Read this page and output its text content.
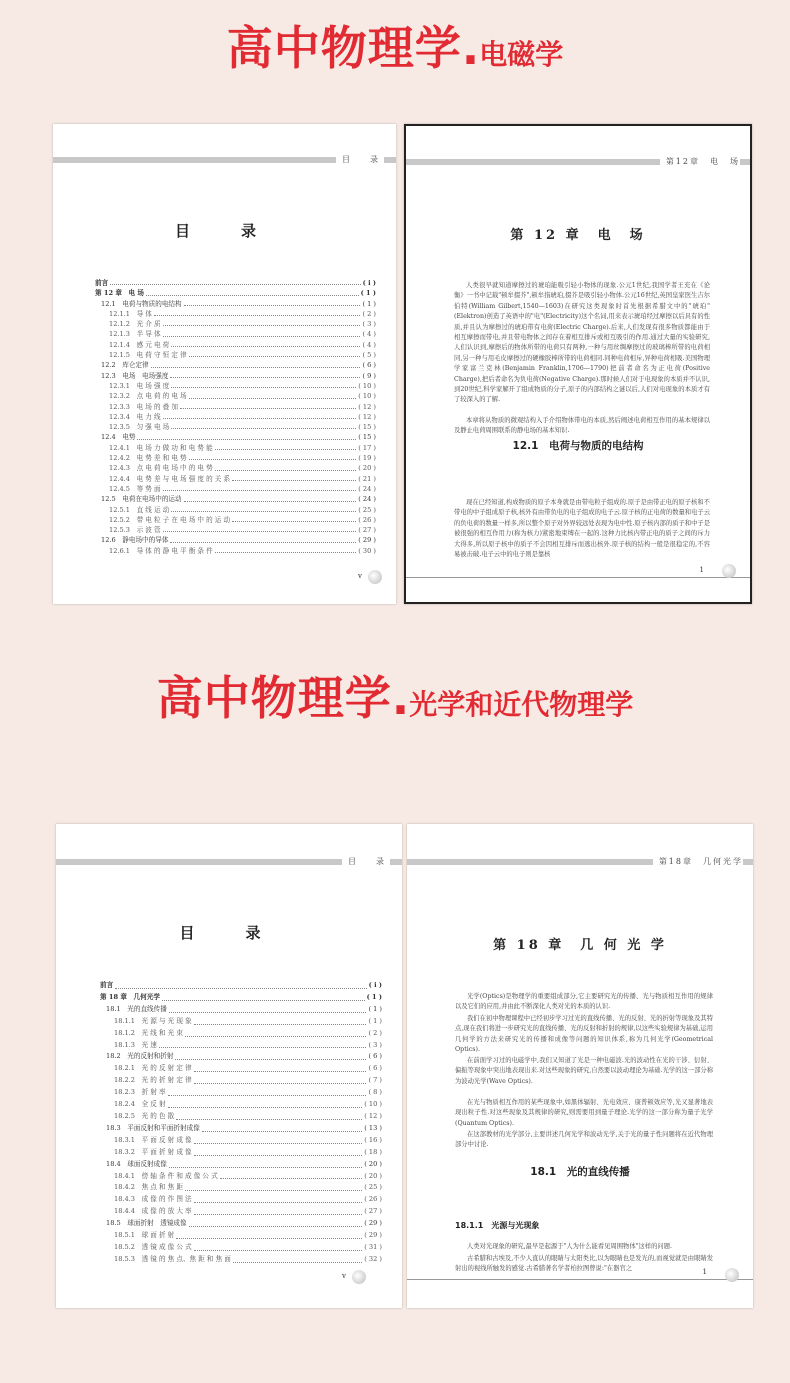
高中物理学.电磁学
目　录
目　录
前言	( i )
第 12 章　电 场	( 1 )
12.1　电荷与物质的电结构	( 1 )
12.1.1　导 体	( 2 )
12.1.2　光 介 质	( 3 )
12.1.3　半 导 体	( 4 )
12.1.4　感 元 电 荷	( 4 )
12.1.5　电 荷 守 恒 定 律	( 5 )
12.2　库仑定律	( 6 )
12.3　电场　电场强度	( 9 )
12.3.1　电 场 强 度	( 10 )
12.3.2　点 电 荷 的 电 场	( 10 )
12.3.3　电 场 的 叠 加	( 12 )
12.3.4　电 力 线	( 12 )
12.3.5　匀 强 电 场	( 15 )
12.4　电势	( 15 )
12.4.1　电 场 力 做 功 和 电 势 能	( 17 )
12.4.2　电 势 差 和 电 势	( 19 )
12.4.3　点 电 荷 电 场 中 的 电 势	( 20 )
12.4.4　电 势 差 与 电 场 强 度 的 关 系	( 21 )
12.4.5　等 势 面	( 24 )
12.5　电荷在电场中的运动	( 24 )
12.5.1　直 线 运 动	( 25 )
12.5.2　带 电 粒 子 在 电 场 中 的 运 动	( 26 )
12.5.3　示 波 管	( 27 )
12.6　静电场中的导体	( 29 )
12.6.1　导 体 的 静 电 平 衡 条 件	( 30 )
v
第12章　电　场
第 12 章　电　场
人类很早就知道摩擦过的琥珀能吸引轻小物体的现象.公元1世纪,我国学者王充在《论衡》一书中记载"顿牟掇芥",顿牟指琥珀,掇芥是吸引轻小物体.公元16世纪,英国皇家医生吉尔伯特(William Gilbert,1540—1603)在研究这类现象时首先根据希腊文中的"琥珀"(Elektron)创造了英语中的"电"(Electricity)这个名词,用来表示琥珀经过摩擦以后具有的性质,并且认为摩擦过的琥珀带有电荷(Electric Charge).后来,人们发现有很多物质都能由于相互摩擦而带电,并且带电物体之间存在着相互排斥或相互吸引的作用.通过大量的实验研究,人们认识到,摩擦后的物体所带的电荷只有两种,一种与用丝绸摩擦过的玻璃棒所带的电荷相同,另一种与用毛皮摩擦过的硬橡胶棒所带的电荷相同.同种电荷相斥,异种电荷相吸.美国物理学家富兰克林(Benjamin Franklin,1706—1790)把前者命名为正电荷(Positive Charge),把后者命名为负电荷(Negative Charge).那时候人们对于电现象的本质并不认识,到20世纪,科学家解开了组成物质的分子,原子的内部结构之谜以后,人们对电现象的本质才有了较深入的了解.
本章将从物质的微观结构入手介绍物体带电的本质,然后阐述电荷相互作用的基本规律以及静止电荷周围联系的静电场的基本知识.
12.1　电荷与物质的电结构
现在已经知道,构成物质的原子本身就是由带电粒子组成的.原子是由带正电的原子核和不带电的中子组成原子核,核外有由带负电的电子组成的电子云.原子核的正电荷的数量和电子云的负电荷的数量一样多,所以整个原子对外界较远处表现为电中性.原子核内部的质子和中子是被很强的相互作用力(称为核力)紧密地束缚在一起的.这种力比核内带正电的质子之间的斥力大得多,所以原子核中的质子不会因相互排斥而逃出核外.原子核的结构一般是很稳定的,不容易被击破.电子云中的电子则是靠核
1
高中物理学.光学和近代物理学
目　录
目　录
前言	( i )
第 18 章　几何光学	( 1 )
18.1　光的直线传播	( 1 )
18.1.1　光 源 与 光 现 象	( 1 )
18.1.2　光 线 和 光 束	( 2 )
18.1.3　光 速	( 3 )
18.2　光的反射和折射	( 6 )
18.2.1　光 的 反 射 定 律	( 6 )
18.2.2　光 的 折 射 定 律	( 7 )
18.2.3　折 射 率	( 8 )
18.2.4　全 反 射	( 10 )
18.2.5　光 的 色 散	( 12 )
18.3　平面反射和平面折射成像	( 13 )
18.3.1　平 面 反 射 成 像	( 16 )
18.3.2　平 面 折 射 成 像	( 18 )
18.4　球面反射成像	( 20 )
18.4.1　傍 轴 条 件 和 成 像 公 式	( 20 )
18.4.2　焦 点 和 焦 距	( 25 )
18.4.3　成 像 的 作 图 法	( 26 )
18.4.4　成 像 的 放 大 率	( 27 )
18.5　球面折射　透镜成像	( 29 )
18.5.1　球 面 折 射	( 29 )
18.5.2　透 镜 成 像 公 式	( 31 )
18.5.3　透 镜 的 焦 点、焦 距 和 焦 面	( 32 )
v
第18章　几何光学
第 18 章　几 何 光 学
光学(Optics)是物理学的重要组成部分,它主要研究光的传播、光与物质相互作用的规律以及它们的应用,并由此不断深化人类对光的本质的认识.
我们在初中物理课程中已经初步学习过光的直线传播、光的反射、光的折射等现象及其特点,现在我们将进一步研究光的直线传播、光的反射和折射的规律,以这些实验规律为基础,运用几何学的方法来研究光的传播和成像等问题的知识体系,称为几何光学(Geometrical Optics).
在前面学习过的电磁学中,我们又知道了光是一种电磁波.光的波动性在光的干涉、衍射、偏振等现象中突出地表现出来.对这些现象的研究,自然要以波动理论为基础.光学的这一部分称为波动光学(Wave Optics).
在光与物质相互作用的某些现象中,如黑体辐射、光电效应、康普顿效应等,光又显著地表现出粒子性.对这些现象及其规律的研究,则需要用到量子理论.光学的这一部分称为量子光学(Quantum Optics).
在这部教材的光学部分,主要讲述几何光学和波动光学,关于光的量子性问题将在近代物理部分中讨论.
18.1　光的直线传播
18.1.1　光源与光现象
人类对光现象的研究,最早是起源于"人为什么能看见周围物体"这样的问题.
古希腊和古埃及,不少人直认的眼睛与太阳类比,以为眼睛也是发光的,而视觉就是由眼睛发射出的视线所触发的感觉.古希腊著名学者柏拉图曾说:"在器官之	1
